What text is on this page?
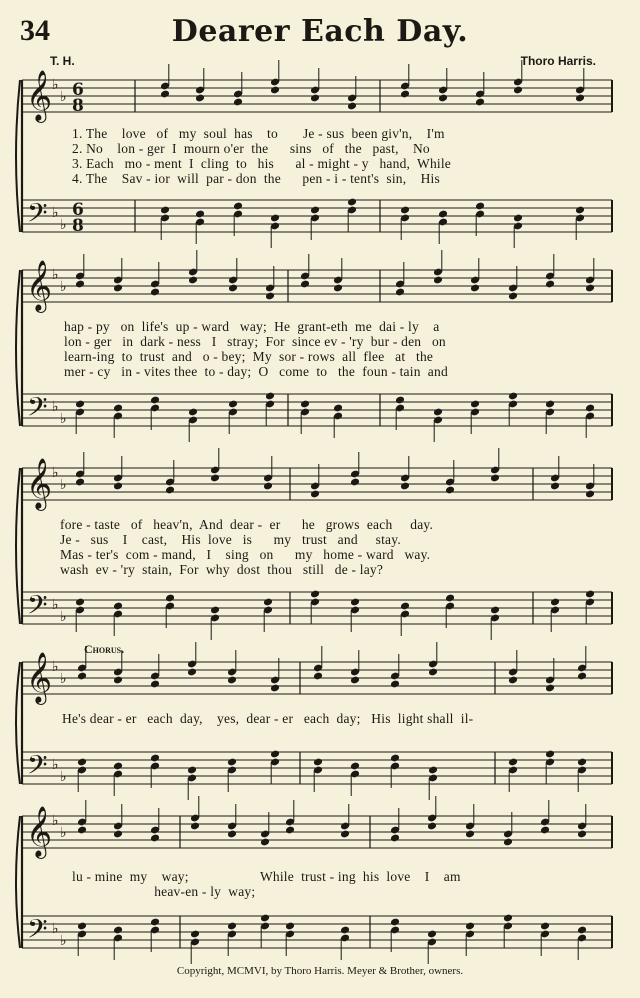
34	Dearer Each Day.
T. H.	Thoro Harris.
𝄞
𝄢
♭
♭
♭
♭
6
8
6
8
𝄞
𝄢
♭
♭
♭
♭
𝄞
𝄢
♭
♭
♭
♭
𝄞
𝄢
♭
♭
♭
♭
𝄞
𝄢
♭
♭
♭
♭
1. The    love   of   my  soul  has    to       Je - sus  been giv'n,    I'm
2. No    lon - ger  I  mourn o'er  the      sins   of   the   past,    No
3. Each   mo - ment  I  cling  to   his      al - might - y   hand,  While
4. The    Sav - ior  will  par - don  the      pen - i - tent's  sin,    His
hap - py   on  life's  up - ward   way;  He  grant-eth  me  dai - ly    a
lon - ger   in  dark - ness   I   stray;  For  since ev - 'ry  bur - den   on
learn-ing  to  trust  and   o - bey;  My  sor - rows  all  flee   at   the
mer - cy   in - vites thee  to - day;  O   come  to   the  foun - tain  and
fore - taste   of   heav'n,  And  dear -  er      he   grows  each     day.
Je -   sus    I    cast,    His  love   is      my   trust   and     stay.
Mas - ter's  com - mand,   I    sing   on      my   home - ward   way.
wash  ev - 'ry  stain,  For  why  dost  thou   still   de - lay?
Chorus.
He's dear - er   each  day,    yes,  dear - er   each  day;   His  light shall  il-
lu - mine  my    way;                    While  trust - ing  his  love    I    am
heav-en - ly  way;
Copyright, MCMVI, by Thoro Harris. Meyer & Brother, owners.
